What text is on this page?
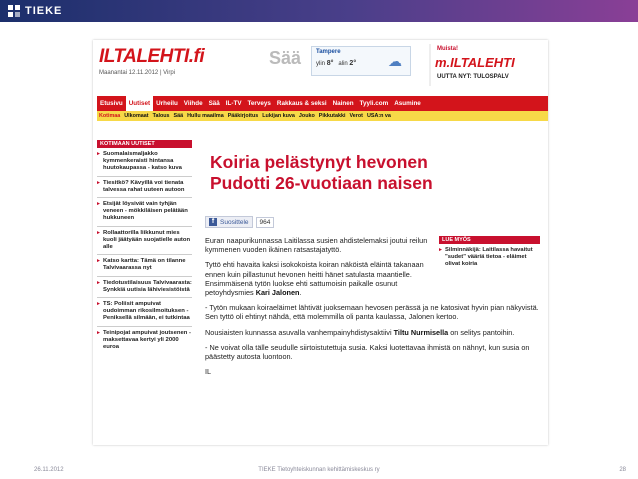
TIEKE
ILTALEHTI.fi
Maanantai 12.11.2012 | Virpi
Sää Tampere
ylin 8° alin 2° ☁
Muista!
m.ILTALEHTI
UUTTA NYT: TULOSPALV
Etusivu Uutiset Urheilu Viihde Sää IL-TV Terveys Rakkaus & seksi Nainen Tyyli.com Asumine
Kotimaa Ulkomaat Talous Sää Hullu maailma Pääkirjoitus Lukijan kuva Jouko Pikkutakki Verot USA:n va
KOTIMAAN UUTISET
▸ Suomalaismaljakko kymmenkeraisti hintansa huutokaupassa - katso kuva
▸ Tiesitkö? Kävyillä voi tienata talvessa rahat uuteen autoon
▸ Etsijät löysivät vain tyhjän veneen - mökkiläisen pelätään hukkuneen
▸ Rollaattorilla liikkunut mies kuoli jäätyään suojatielle auton alle
▸ Katso kartta: Tämä on tilanne Talvivaarassa nyt
▸ Tiedotustilaisuus Talvivaarasta: Synkkiä uutisia lähiviesistöistä
▸ TS: Poliisit ampuivat oudoimman rikosilmoituksen - Peniksellä silmään, ei tutkintaa
▸ Teinipojat ampuivat joutsenen - maksettavaa kertyi yli 2000 euroa
Koiria pelästynyt hevonen
Pudotti 26-vuotiaan naisen
f Suosittele	964

Euran naapurikunnassa Laitilassa susien ahdistelemaksi joutui reilun kymmenen vuoden ikäinen ratsastajatyttö.

Tyttö ehti havaita kaksi isokokoista koiran näköistä eläintä takanaan ennen kuin pillastunut hevonen heitti hänet satulasta maantielle. Ensimmäisenä tytön luokse ehti sattumoisin paikalle osunut petoyhdysmies Kari Jalonen.

- Tytön mukaan koiraeläimet lähtivät juoksemaan hevosen perässä ja ne katosivat hyvin pian näkyvistä. Sen tyttö oli ehtinyt nähdä, että molemmilla oli panta kaulassa, Jalonen kertoo.

Nousiaisten kunnassa asuvalla vanhempainyhdistysaktiivi Tiltu Nurmisella on selitys pantoihin.

- Ne voivat olla tälle seudulle siirtoistutettuja susia. Kaksi luotettavaa ihmistä on nähnyt, kun susia on päästetty autosta luontoon.

IL

LUE MYÖS
▸ Silminnäkijä: Laitilassa havaitut "sudet" vääriä tietoa - eläimet olivat koiria
26.11.2012	TIEKE Tietoyhteiskunnan kehittämiskeskus ry	28
